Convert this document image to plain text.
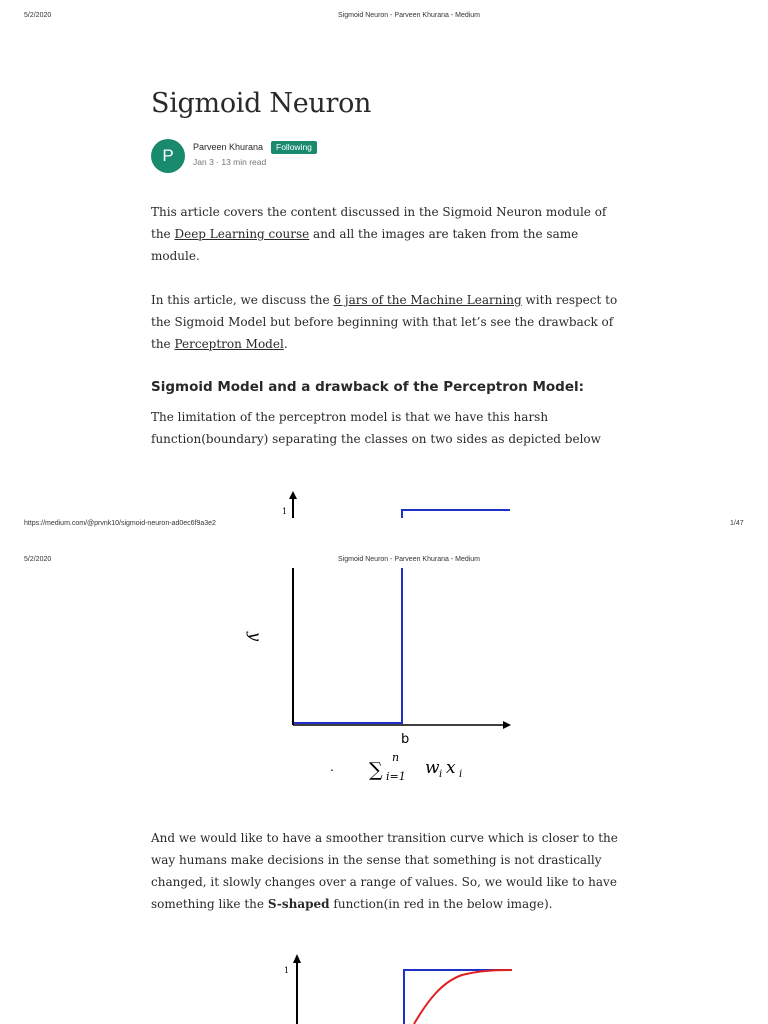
5/2/2020	Sigmoid Neuron - Parveen Khurana - Medium
Sigmoid Neuron
P Parveen Khurana	Following
Jan 3 · 13 min read

This article covers the content discussed in the Sigmoid Neuron module of the Deep Learning course and all the images are taken from the same module.

In this article, we discuss the 6 jars of the Machine Learning with respect to the Sigmoid Model but before beginning with that let’s see the drawback of the Perceptron Model.

Sigmoid Model and a drawback of the Perceptron Model:

The limitation of the perceptron model is that we have this harsh function(boundary) separating the classes on two sides as depicted below

1
y
b
. ∑
n
i=1 w i x i
1
https://medium.com/@prvnk10/sigmoid-neuron-ad0ec6f9a3e2	1/47
5/2/2020	Sigmoid Neuron - Parveen Khurana - Medium

And we would like to have a smoother transition curve which is closer to the way humans make decisions in the sense that something is not drastically changed, it slowly changes over a range of values. So, we would like to have something like the S-shaped function(in red in the below image).
